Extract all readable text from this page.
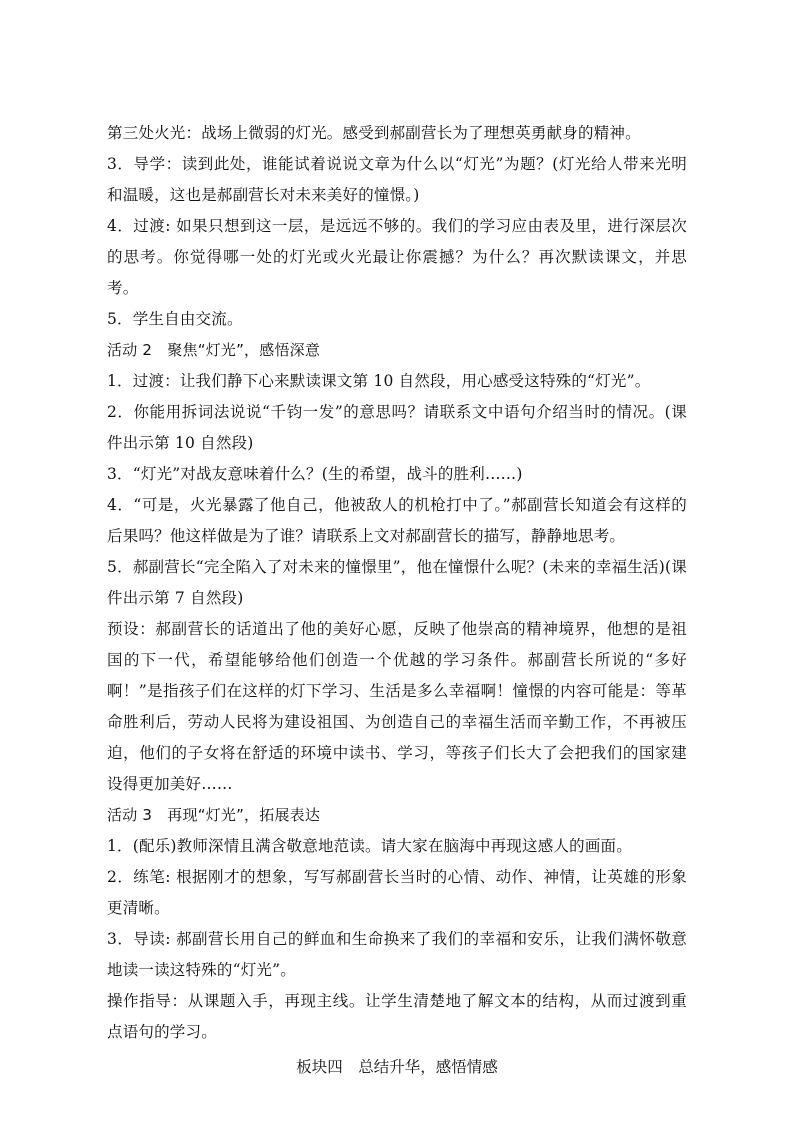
第三处火光：战场上微弱的灯光。感受到郝副营长为了理想英勇献身的精神。

3．导学：读到此处，谁能试着说说文章为什么以“灯光”为题？(灯光给人带来光明和温暖，这也是郝副营长对未来美好的憧憬。)

4．过渡: 如果只想到这一层，是远远不够的。我们的学习应由表及里，进行深层次的思考。你觉得哪一处的灯光或火光最让你震撼？为什么？再次默读课文，并思考。

5．学生自由交流。

活动 2　聚焦“灯光”，感悟深意

1．过渡：让我们静下心来默读课文第 10 自然段，用心感受这特殊的“灯光”。

2．你能用拆词法说说“千钧一发”的意思吗？请联系文中语句介绍当时的情况。(课件出示第 10 自然段)

3．“灯光”对战友意味着什么？(生的希望，战斗的胜利……)

4．“可是，火光暴露了他自己，他被敌人的机枪打中了。”郝副营长知道会有这样的后果吗？他这样做是为了谁？请联系上文对郝副营长的描写，静静地思考。

5．郝副营长“完全陷入了对未来的憧憬里”，他在憧憬什么呢？(未来的幸福生活)(课件出示第 7 自然段)

预设：郝副营长的话道出了他的美好心愿，反映了他崇高的精神境界，他想的是祖国的下一代，希望能够给他们创造一个优越的学习条件。郝副营长所说的“多好啊！”是指孩子们在这样的灯下学习、生活是多么幸福啊！憧憬的内容可能是：等革命胜利后，劳动人民将为建设祖国、为创造自己的幸福生活而辛勤工作，不再被压迫，他们的子女将在舒适的环境中读书、学习，等孩子们长大了会把我们的国家建设得更加美好……

活动 3　再现“灯光”，拓展表达

1．(配乐)教师深情且满含敬意地范读。请大家在脑海中再现这感人的画面。

2．练笔: 根据刚才的想象，写写郝副营长当时的心情、动作、神情，让英雄的形象更清晰。

3．导读: 郝副营长用自己的鲜血和生命换来了我们的幸福和安乐，让我们满怀敬意地读一读这特殊的“灯光”。

操作指导：从课题入手，再现主线。让学生清楚地了解文本的结构，从而过渡到重点语句的学习。

板块四　总结升华，感悟情感
